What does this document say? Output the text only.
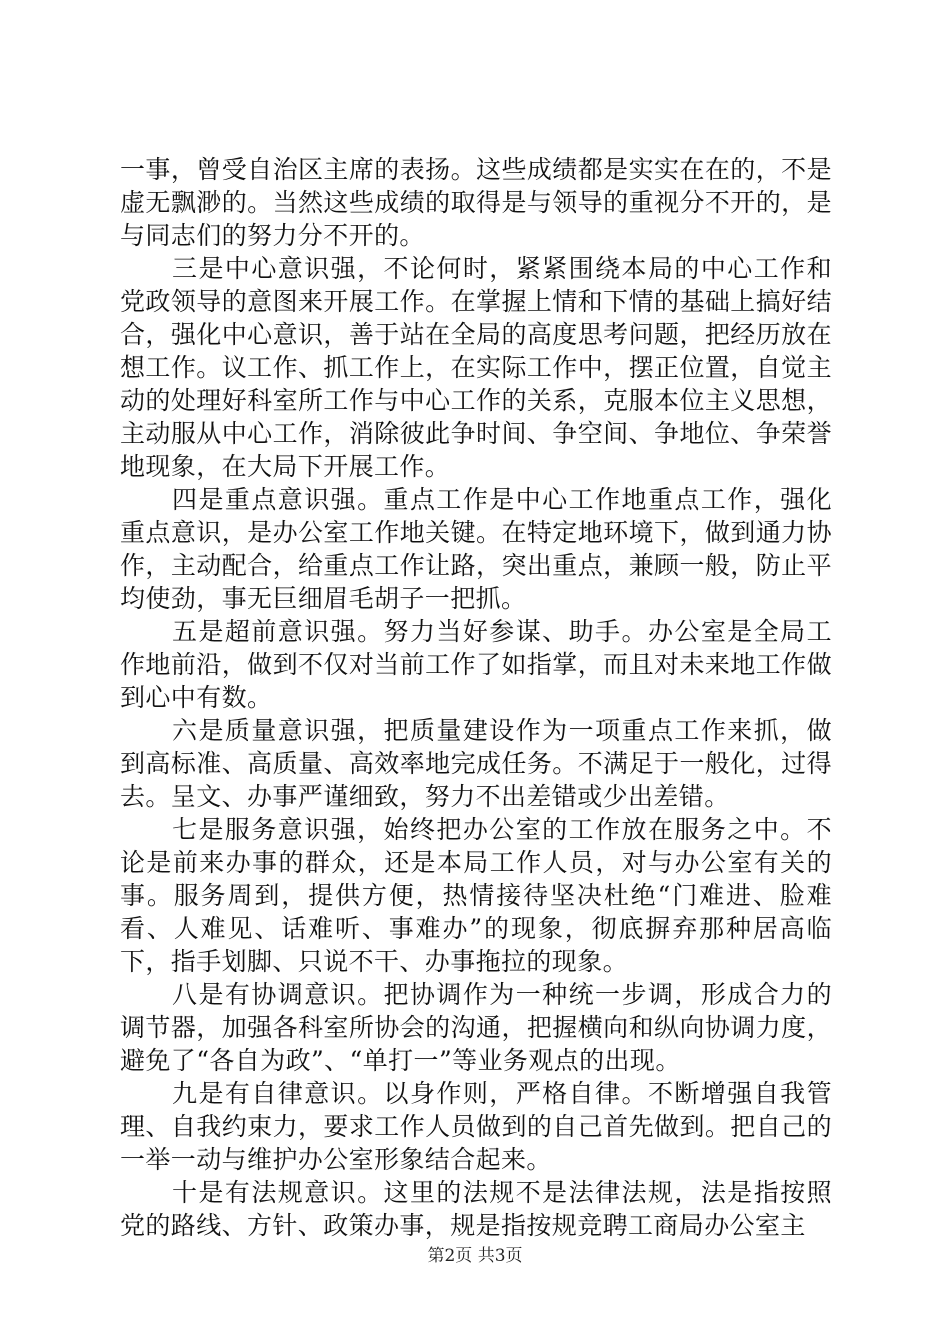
一事，曾受自治区主席的表扬。这些成绩都是实实在在的，不是虚无飘渺的。当然这些成绩的取得是与领导的重视分不开的，是与同志们的努力分不开的。

三是中心意识强，不论何时，紧紧围绕本局的中心工作和党政领导的意图来开展工作。在掌握上情和下情的基础上搞好结合，强化中心意识，善于站在全局的高度思考问题，把经历放在想工作。议工作、抓工作上，在实际工作中，摆正位置，自觉主动的处理好科室所工作与中心工作的关系，克服本位主义思想，主动服从中心工作，消除彼此争时间、争空间、争地位、争荣誉地现象，在大局下开展工作。

四是重点意识强。重点工作是中心工作地重点工作，强化重点意识，是办公室工作地关键。在特定地环境下，做到通力协作，主动配合，给重点工作让路，突出重点，兼顾一般，防止平均使劲，事无巨细眉毛胡子一把抓。

五是超前意识强。努力当好参谋、助手。办公室是全局工作地前沿，做到不仅对当前工作了如指掌，而且对未来地工作做到心中有数。

六是质量意识强，把质量建设作为一项重点工作来抓，做到高标准、高质量、高效率地完成任务。不满足于一般化，过得去。呈文、办事严谨细致，努力不出差错或少出差错。

七是服务意识强，始终把办公室的工作放在服务之中。不论是前来办事的群众，还是本局工作人员，对与办公室有关的事。服务周到，提供方便，热情接待坚决杜绝“门难进、脸难看、人难见、话难听、事难办”的现象，彻底摒弃那种居高临下，指手划脚、只说不干、办事拖拉的现象。

八是有协调意识。把协调作为一种统一步调，形成合力的调节器，加强各科室所协会的沟通，把握横向和纵向协调力度，避免了“各自为政”、“单打一”等业务观点的出现。

九是有自律意识。以身作则，严格自律。不断增强自我管理、自我约束力，要求工作人员做到的自己首先做到。把自己的一举一动与维护办公室形象结合起来。

十是有法规意识。这里的法规不是法律法规，法是指按照党的路线、方针、政策办事，规是指按规竞聘工商局办公室主

第2页 共3页
